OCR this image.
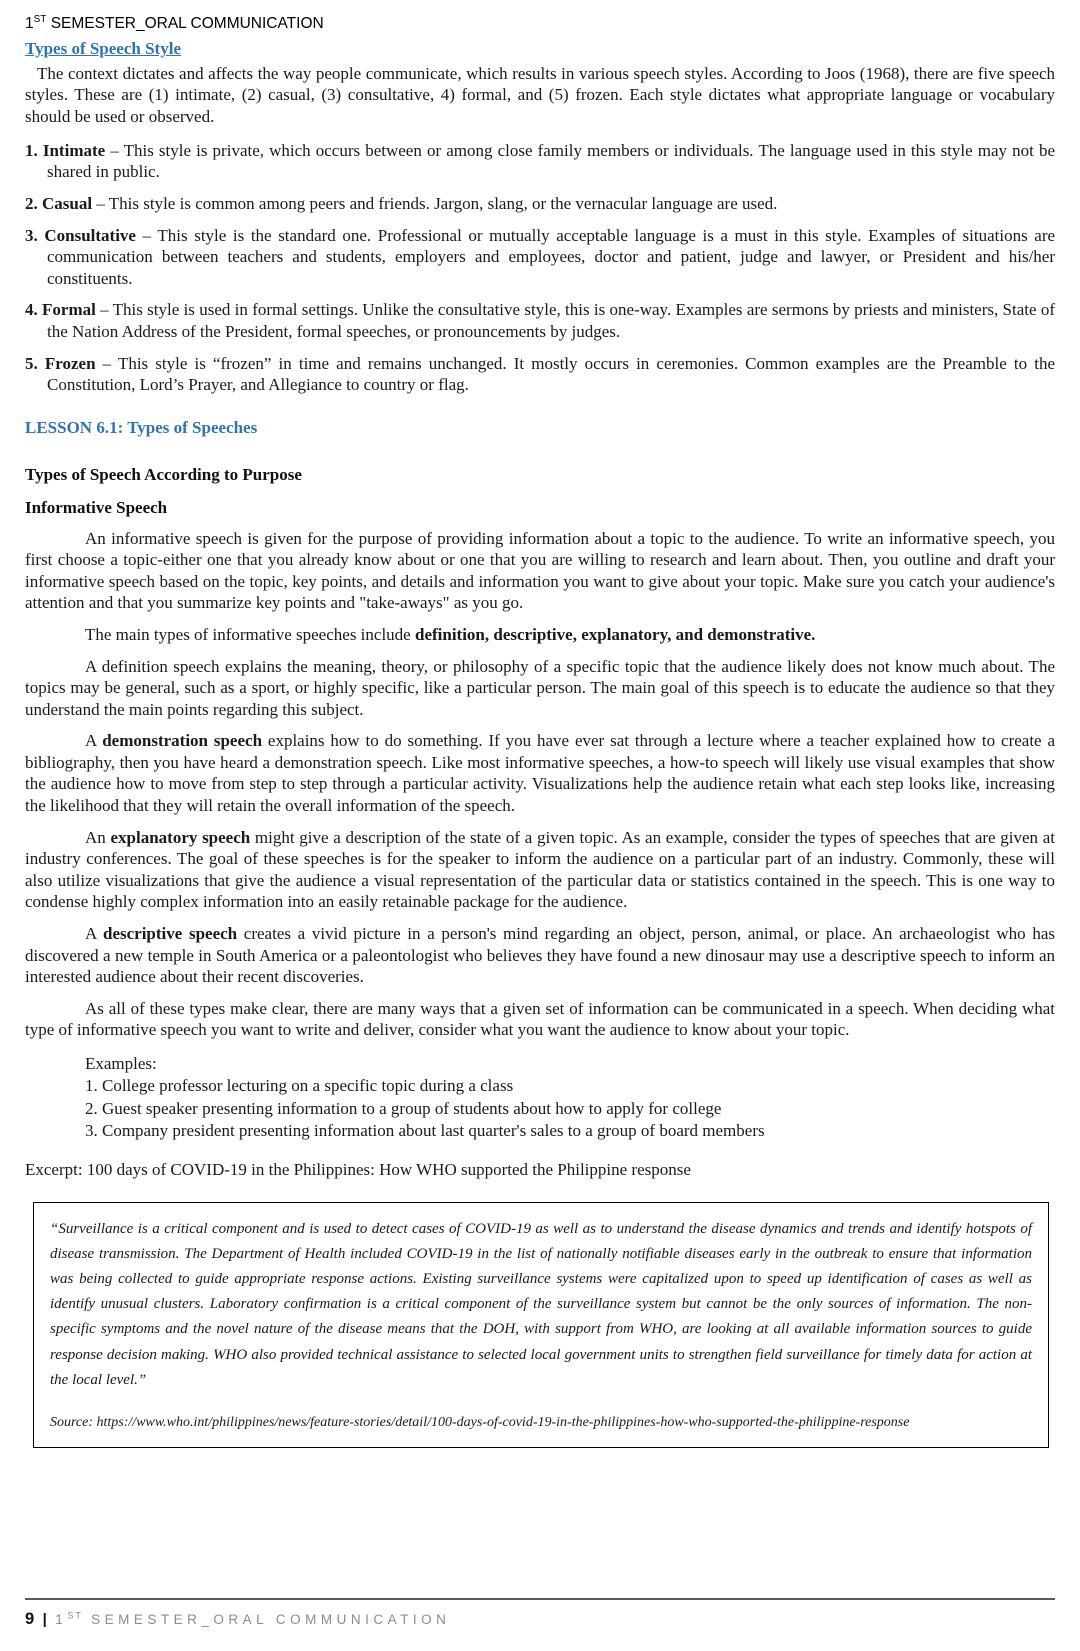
1ST SEMESTER_ORAL COMMUNICATION
Types of Speech Style

The context dictates and affects the way people communicate, which results in various speech styles. According to Joos (1968), there are five speech styles. These are (1) intimate, (2) casual, (3) consultative, 4) formal, and (5) frozen. Each style dictates what appropriate language or vocabulary should be used or observed.

1. Intimate – This style is private, which occurs between or among close family members or individuals. The language used in this style may not be shared in public.

2. Casual – This style is common among peers and friends. Jargon, slang, or the vernacular language are used.

3. Consultative – This style is the standard one. Professional or mutually acceptable language is a must in this style. Examples of situations are communication between teachers and students, employers and employees, doctor and patient, judge and lawyer, or President and his/her constituents.

4. Formal – This style is used in formal settings. Unlike the consultative style, this is one-way. Examples are sermons by priests and ministers, State of the Nation Address of the President, formal speeches, or pronouncements by judges.

5. Frozen – This style is “frozen” in time and remains unchanged. It mostly occurs in ceremonies. Common examples are the Preamble to the Constitution, Lord’s Prayer, and Allegiance to country or flag.

LESSON 6.1: Types of Speeches
Types of Speech According to Purpose
Informative Speech

An informative speech is given for the purpose of providing information about a topic to the audience. To write an informative speech, you first choose a topic-either one that you already know about or one that you are willing to research and learn about. Then, you outline and draft your informative speech based on the topic, key points, and details and information you want to give about your topic. Make sure you catch your audience's attention and that you summarize key points and "take-aways" as you go.

The main types of informative speeches include definition, descriptive, explanatory, and demonstrative.

A definition speech explains the meaning, theory, or philosophy of a specific topic that the audience likely does not know much about. The topics may be general, such as a sport, or highly specific, like a particular person. The main goal of this speech is to educate the audience so that they understand the main points regarding this subject.

A demonstration speech explains how to do something. If you have ever sat through a lecture where a teacher explained how to create a bibliography, then you have heard a demonstration speech. Like most informative speeches, a how-to speech will likely use visual examples that show the audience how to move from step to step through a particular activity. Visualizations help the audience retain what each step looks like, increasing the likelihood that they will retain the overall information of the speech.

An explanatory speech might give a description of the state of a given topic. As an example, consider the types of speeches that are given at industry conferences. The goal of these speeches is for the speaker to inform the audience on a particular part of an industry. Commonly, these will also utilize visualizations that give the audience a visual representation of the particular data or statistics contained in the speech. This is one way to condense highly complex information into an easily retainable package for the audience.

A descriptive speech creates a vivid picture in a person's mind regarding an object, person, animal, or place. An archaeologist who has discovered a new temple in South America or a paleontologist who believes they have found a new dinosaur may use a descriptive speech to inform an interested audience about their recent discoveries.

As all of these types make clear, there are many ways that a given set of information can be communicated in a speech. When deciding what type of informative speech you want to write and deliver, consider what you want the audience to know about your topic.

Examples:

1. College professor lecturing on a specific topic during a class

2. Guest speaker presenting information to a group of students about how to apply for college

3. Company president presenting information about last quarter's sales to a group of board members

Excerpt: 100 days of COVID-19 in the Philippines: How WHO supported the Philippine response

“Surveillance is a critical component and is used to detect cases of COVID-19 as well as to understand the disease dynamics and trends and identify hotspots of disease transmission. The Department of Health included COVID-19 in the list of nationally notifiable diseases early in the outbreak to ensure that information was being collected to guide appropriate response actions. Existing surveillance systems were capitalized upon to speed up identification of cases as well as identify unusual clusters. Laboratory confirmation is a critical component of the surveillance system but cannot be the only sources of information. The non-specific symptoms and the novel nature of the disease means that the DOH, with support from WHO, are looking at all available information sources to guide response decision making. WHO also provided technical assistance to selected local government units to strengthen field surveillance for timely data for action at the local level.”

Source: https://www.who.int/philippines/news/feature-stories/detail/100-days-of-covid-19-in-the-philippines-how-who-supported-the-philippine-response

9 | 1ST SEMESTER_ORAL COMMUNICATION
